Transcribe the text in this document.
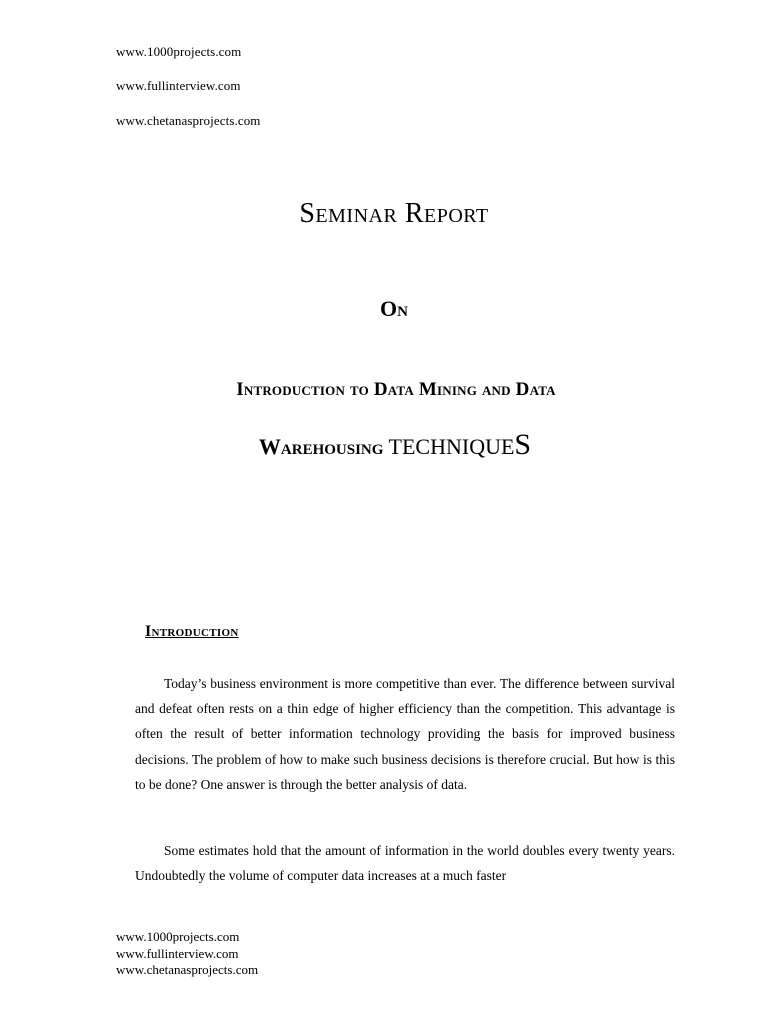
www.1000projects.com
www.fullinterview.com
www.chetanasprojects.com
Seminar Report
On
Introduction to Data Mining and Data
Warehousing TECHNIQUES
Introduction

Today’s business environment is more competitive than ever. The difference between survival and defeat often rests on a thin edge of higher efficiency than the competition. This advantage is often the result of better information technology providing the basis for improved business decisions. The problem of how to make such business decisions is therefore crucial. But how is this to be done? One answer is through the better analysis of data.

Some estimates hold that the amount of information in the world doubles every twenty years. Undoubtedly the volume of computer data increases at a much faster

www.1000projects.com
www.fullinterview.com
www.chetanasprojects.com
